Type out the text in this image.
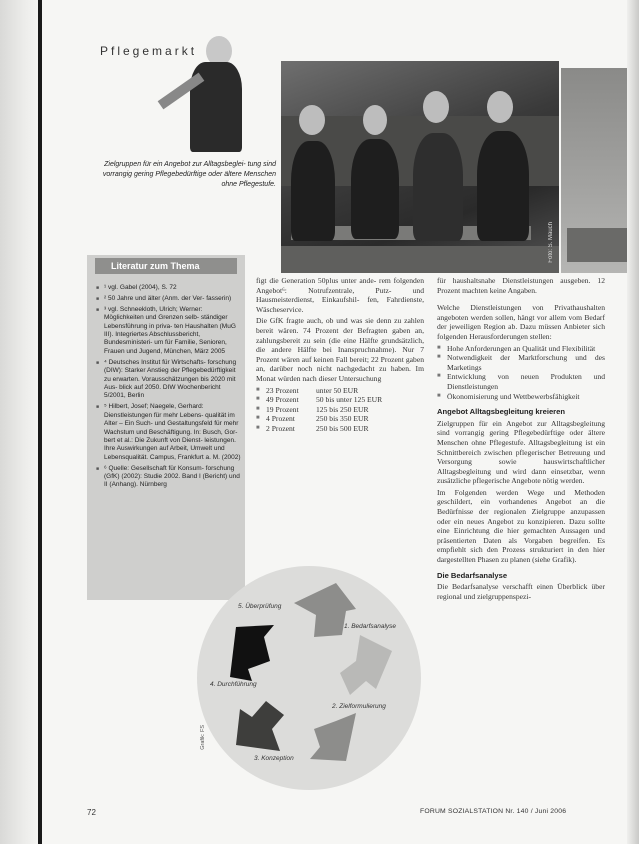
Pflegemarkt
Foto: S. Mauch
Zielgruppen für ein Angebot zur Alltagsbeglei- tung sind vorrangig gering Pflegebedürftige oder ältere Menschen ohne Pflegestufe.
Literatur zum Thema
■ ¹ vgl. Gabel (2004), S. 72
■ ² 50 Jahre und älter (Anm. der Ver- fasserin)
■ ³ vgl. Schneekloth, Ulrich; Werner: Möglichkeiten und Grenzen selb- ständiger Lebensführung in priva- ten Haushalten (MuG III). Integriertes Abschlussbericht, Bundesministeri- um für Familie, Senioren, Frauen und Jugend, München, März 2005
■ ⁴ Deutsches Institut für Wirtschafts- forschung (DIW): Starker Anstieg der Pflegebedürftigkeit zu erwarten. Vorausschätzungen bis 2020 mit Aus- blick auf 2050. DIW Wochenbericht 5/2001, Berlin
■ ⁵ Hilbert, Josef; Naegele, Gerhard: Dienstleistungen für mehr Lebens- qualität im Alter – Ein Such- und Gestaltungsfeld für mehr Wachstum und Beschäftigung. In: Busch, Gor- bert et al.: Die Zukunft von Dienst- leistungen. Ihre Auswirkungen auf Arbeit, Umwelt und Lebensqualität. Campus, Frankfurt a. M. (2002)
■ ⁶ Quelle: Gesellschaft für Konsum- forschung (GfK) (2002): Studie 2002. Band I (Bericht) und II (Anhang). Nürnberg

figt die Generation 50plus unter ande- rem folgenden Angebot⁶: Notrufzentrale, Putz- und Hausmeisterdienst, Einkaufshil- fen, Fahrdienste, Wäscheservice.

Die GfK fragte auch, ob und was sie denn zu zahlen bereit wären. 74 Prozent der Befragten gaben an, zahlungsbereit zu sein (die eine Hälfte grundsätzlich, die andere Hälfte bei Inanspruchnahme). Nur 7 Prozent wären auf keinen Fall bereit; 22 Prozent gaben an, darüber noch nicht nachgedacht zu haben. Im Monat würden nach dieser Untersuchung

■ 23 Prozent	unter 50 EUR
■ 49 Prozent	50 bis unter 125 EUR
■ 19 Prozent	125 bis 250 EUR
■ 4 Prozent	250 bis 350 EUR
■ 2 Prozent	250 bis 500 EUR

für haushaltsnahe Dienstleistungen ausgeben. 12 Prozent machten keine Angaben.

Welche Dienstleistungen von Privathaushalten angeboten werden sollen, hängt vor allem vom Bedarf der jeweiligen Region ab. Dazu müssen Anbieter sich folgenden Herausforderungen stellen:

■ Hohe Anforderungen an Qualität und Flexibilität
■ Notwendigkeit der Marktforschung und des Marketings
■ Entwicklung von neuen Produkten und Dienstleistungen
■ Ökonomisierung und Wettbewerbsfähigkeit
Angebot Alltagsbegleitung kreieren

Zielgruppen für ein Angebot zur Alltagsbegleitung sind vorrangig gering Pflegebedürftige oder ältere Menschen ohne Pflegestufe. Alltagsbegleitung ist ein Schnittbereich zwischen pflegerischer Betreuung und Versorgung sowie hauswirtschaftlicher Alltagsbegleitung und wird dann einsetzbar, wenn zusätzliche pflegerische Angebote nötig werden.

Im Folgenden werden Wege und Methoden geschildert, ein vorhandenes Angebot an die Bedürfnisse der regionalen Zielgruppe anzupassen oder ein neues Angebot zu konzipieren. Dazu sollte eine Einrichtung die hier gemachten Aussagen und präsentierten Daten als Vorgaben begreifen. Es empfiehlt sich den Prozess strukturiert in den hier dargestellten Phasen zu planen (siehe Grafik).

Die Bedarfsanalyse

Die Bedarfsanalyse verschafft einen Überblick über regional und zielgruppenspezi-

5. Überprüfung
1. Bedarfsanalyse
2. Zielformulierung
3. Konzeption
4. Durchführung
Grafik: FS
72	FORUM SOZIALSTATION Nr. 140 / Juni 2006
